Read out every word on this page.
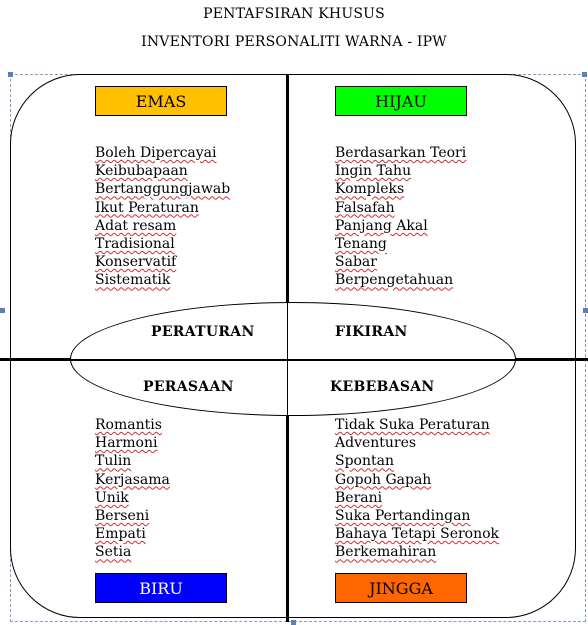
PENTAFSIRAN KHUSUS
INVENTORI PERSONALITI WARNA - IPW
PERATURAN	FIKIRAN
PERASAAN	KEBEBASAN
EMAS	HIJAU
BIRU	JINGGA
Boleh Dipercayai
Keibubapaan
Bertanggungjawab
Ikut Peraturan
Adat resam
Tradisional
Konservatif
Sistematik
Berdasarkan Teori
Ingin Tahu
Kompleks
Falsafah
Panjang Akal
Tenang
Sabar
Berpengetahuan
Romantis
Harmoni
Tulin
Kerjasama
Unik
Berseni
Empati
Setia
Tidak Suka Peraturan
Adventures
Spontan
Gopoh Gapah
Berani
Suka Pertandingan
Bahaya Tetapi Seronok
Berkemahiran
